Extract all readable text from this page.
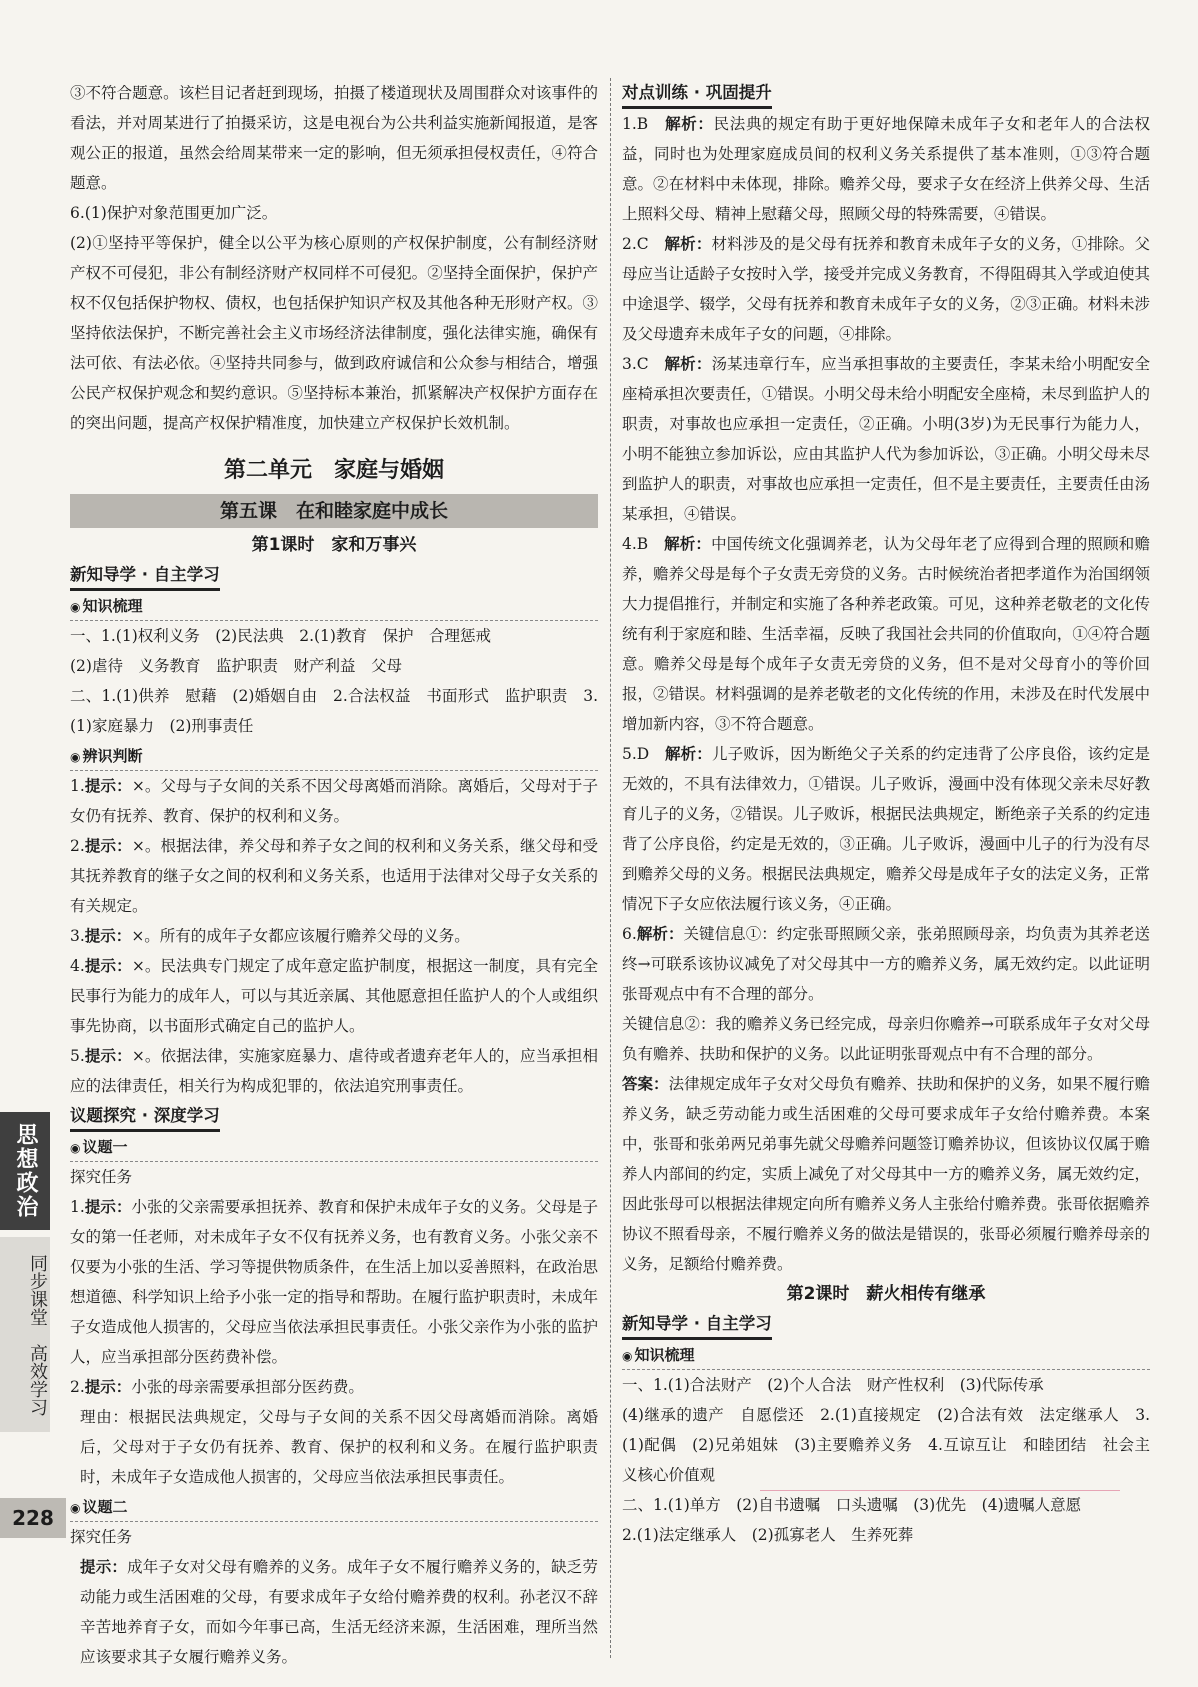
③不符合题意。该栏目记者赶到现场，拍摄了楼道现状及周围群众对该事件的看法，并对周某进行了拍摄采访，这是电视台为公共利益实施新闻报道，是客观公正的报道，虽然会给周某带来一定的影响，但无须承担侵权责任，④符合题意。

6.(1)保护对象范围更加广泛。

(2)①坚持平等保护，健全以公平为核心原则的产权保护制度，公有制经济财产权不可侵犯，非公有制经济财产权同样不可侵犯。②坚持全面保护，保护产权不仅包括保护物权、债权，也包括保护知识产权及其他各种无形财产权。③坚持依法保护，不断完善社会主义市场经济法律制度，强化法律实施，确保有法可依、有法必依。④坚持共同参与，做到政府诚信和公众参与相结合，增强公民产权保护观念和契约意识。⑤坚持标本兼治，抓紧解决产权保护方面存在的突出问题，提高产权保护精准度，加快建立产权保护长效机制。

第二单元　家庭与婚姻
第五课　在和睦家庭中成长
第1课时　家和万事兴
新知导学 · 自主学习
◉ 知识梳理

一、1.(1)权利义务　(2)民法典　2.(1)教育　保护　合理惩戒

(2)虐待　义务教育　监护职责　财产利益　父母

二、1.(1)供养　慰藉　(2)婚姻自由　2.合法权益　书面形式　监护职责　3.(1)家庭暴力　(2)刑事责任

◉ 辨识判断

1.提示：×。父母与子女间的关系不因父母离婚而消除。离婚后，父母对于子女仍有抚养、教育、保护的权利和义务。

2.提示：×。根据法律，养父母和养子女之间的权利和义务关系，继父母和受其抚养教育的继子女之间的权利和义务关系，也适用于法律对父母子女关系的有关规定。

3.提示：×。所有的成年子女都应该履行赡养父母的义务。

4.提示：×。民法典专门规定了成年意定监护制度，根据这一制度，具有完全民事行为能力的成年人，可以与其近亲属、其他愿意担任监护人的个人或组织事先协商，以书面形式确定自己的监护人。

5.提示：×。依据法律，实施家庭暴力、虐待或者遗弃老年人的，应当承担相应的法律责任，相关行为构成犯罪的，依法追究刑事责任。

议题探究 · 深度学习
◉ 议题一
探究任务

1.提示：小张的父亲需要承担抚养、教育和保护未成年子女的义务。父母是子女的第一任老师，对未成年子女不仅有抚养义务，也有教育义务。小张父亲不仅要为小张的生活、学习等提供物质条件，在生活上加以妥善照料，在政治思想道德、科学知识上给予小张一定的指导和帮助。在履行监护职责时，未成年子女造成他人损害的，父母应当依法承担民事责任。小张父亲作为小张的监护人，应当承担部分医药费补偿。

2.提示：小张的母亲需要承担部分医药费。

理由：根据民法典规定，父母与子女间的关系不因父母离婚而消除。离婚后，父母对于子女仍有抚养、教育、保护的权利和义务。在履行监护职责时，未成年子女造成他人损害的，父母应当依法承担民事责任。

◉ 议题二
探究任务

提示：成年子女对父母有赡养的义务。成年子女不履行赡养义务的，缺乏劳动能力或生活困难的父母，有要求成年子女给付赡养费的权利。孙老汉不辞辛苦地养育子女，而如今年事已高，生活无经济来源，生活困难，理所当然应该要求其子女履行赡养义务。

对点训练 · 巩固提升

1.B　 解析：民法典的规定有助于更好地保障未成年子女和老年人的合法权益，同时也为处理家庭成员间的权利义务关系提供了基本准则，①③符合题意。②在材料中未体现，排除。赡养父母，要求子女在经济上供养父母、生活上照料父母、精神上慰藉父母，照顾父母的特殊需要，④错误。

2.C　 解析：材料涉及的是父母有抚养和教育未成年子女的义务，①排除。父母应当让适龄子女按时入学，接受并完成义务教育，不得阻碍其入学或迫使其中途退学、辍学，父母有抚养和教育未成年子女的义务，②③正确。材料未涉及父母遗弃未成年子女的问题，④排除。

3.C　 解析：汤某违章行车，应当承担事故的主要责任，李某未给小明配安全座椅承担次要责任，①错误。小明父母未给小明配安全座椅，未尽到监护人的职责，对事故也应承担一定责任，②正确。小明(3岁)为无民事行为能力人，小明不能独立参加诉讼，应由其监护人代为参加诉讼，③正确。小明父母未尽到监护人的职责，对事故也应承担一定责任，但不是主要责任，主要责任由汤某承担，④错误。

4.B　 解析：中国传统文化强调养老，认为父母年老了应得到合理的照顾和赡养，赡养父母是每个子女责无旁贷的义务。古时候统治者把孝道作为治国纲领大力提倡推行，并制定和实施了各种养老政策。可见，这种养老敬老的文化传统有利于家庭和睦、生活幸福，反映了我国社会共同的价值取向，①④符合题意。赡养父母是每个成年子女责无旁贷的义务，但不是对父母育小的等价回报，②错误。材料强调的是养老敬老的文化传统的作用，未涉及在时代发展中增加新内容，③不符合题意。

5.D　 解析：儿子败诉，因为断绝父子关系的约定违背了公序良俗，该约定是无效的，不具有法律效力，①错误。儿子败诉，漫画中没有体现父亲未尽好教育儿子的义务，②错误。儿子败诉，根据民法典规定，断绝亲子关系的约定违背了公序良俗，约定是无效的，③正确。儿子败诉，漫画中儿子的行为没有尽到赡养父母的义务。根据民法典规定，赡养父母是成年子女的法定义务，正常情况下子女应依法履行该义务，④正确。

6.解析：关键信息①：约定张哥照顾父亲，张弟照顾母亲，均负责为其养老送终→可联系该协议减免了对父母其中一方的赡养义务，属无效约定。以此证明张哥观点中有不合理的部分。

关键信息②：我的赡养义务已经完成，母亲归你赡养→可联系成年子女对父母负有赡养、扶助和保护的义务。以此证明张哥观点中有不合理的部分。

答案：法律规定成年子女对父母负有赡养、扶助和保护的义务，如果不履行赡养义务，缺乏劳动能力或生活困难的父母可要求成年子女给付赡养费。本案中，张哥和张弟两兄弟事先就父母赡养问题签订赡养协议，但该协议仅属于赡养人内部间的约定，实质上减免了对父母其中一方的赡养义务，属无效约定，因此张母可以根据法律规定向所有赡养义务人主张给付赡养费。张哥依据赡养协议不照看母亲，不履行赡养义务的做法是错误的，张哥必须履行赡养母亲的义务，足额给付赡养费。

第2课时　薪火相传有继承
新知导学 · 自主学习
◉ 知识梳理

一、1.(1)合法财产　(2)个人合法　财产性权利　(3)代际传承

(4)继承的遗产　自愿偿还　2.(1)直接规定　(2)合法有效　法定继承人　3.(1)配偶　(2)兄弟姐妹　(3)主要赡养义务　4.互谅互让　和睦团结　社会主义核心价值观

二、1.(1)单方　(2)自书遗嘱　口头遗嘱　(3)优先　(4)遗嘱人意愿

2.(1)法定继承人　(2)孤寡老人　生养死葬

思想政治
同步课堂　高效学习
228
